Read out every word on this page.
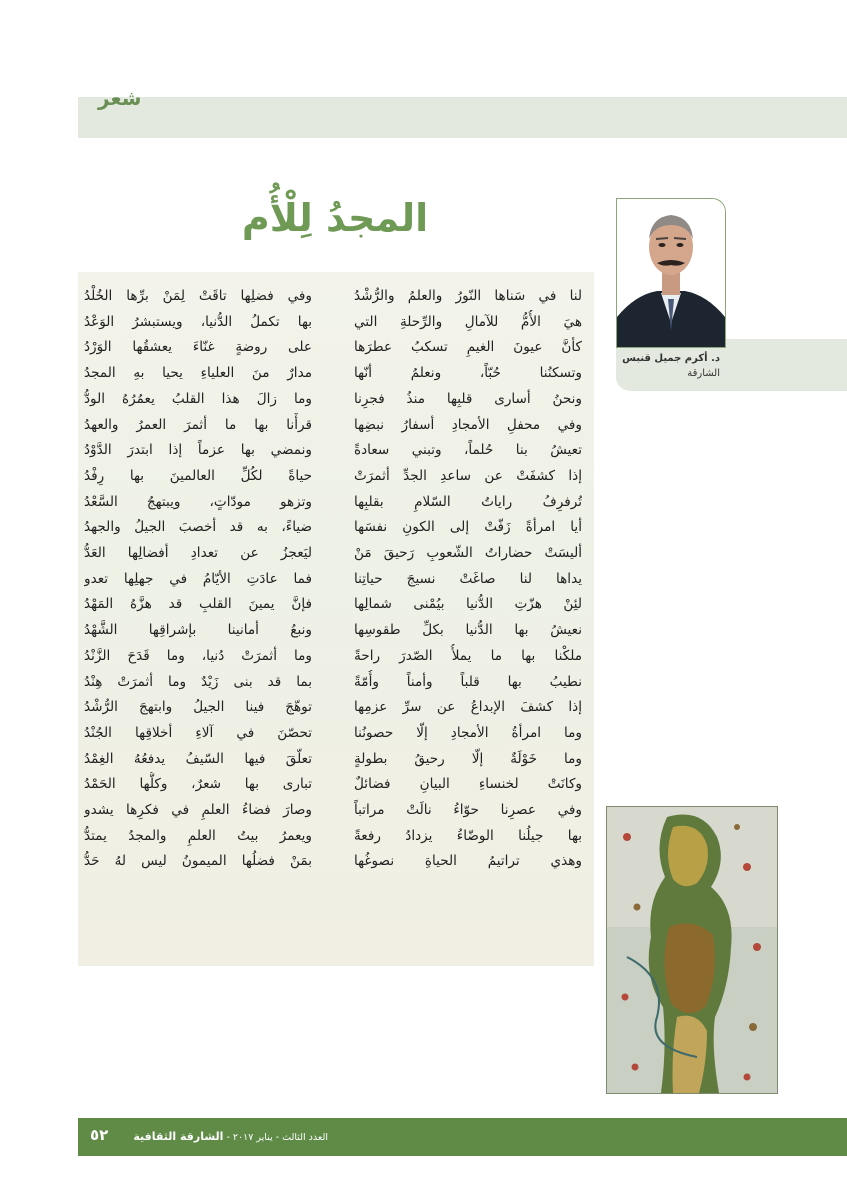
شعر
المجدُ لِلْأُم
د. أكرم جميل قنبس
الشارقة
لنا في سَناها النّورُ والعلمُ والرُّشْدُ
هيَ الأُمُّ للآمالِ والرِّحلةِ التي
كأنَّ عيونَ الغيمِ تسكبُ عطرَها
وتسكنُنا حُبّاً، ونعلمُ أنّها
ونحنُ أسارى قلبِها منذُ فجرِنا
وفي محفلِ الأمجادِ أسفارُ نبضِها
تعيشُ بنا حُلماً، وتبني سعادةً
إذا كشفَتْ عن ساعدِ الجدِّ أثمرَتْ
تُرفرِفُ راياتُ السّلامِ بقلبِها
أيا امرأةً زَفّتْ إلى الكونِ نفسَها
أليسَتْ حضاراتُ الشّعوبِ رَحيقَ مَنْ
يداها لنا صاغَتْ نسيجَ حياتِنا
لئِنْ هزّتِ الدُّنيا بيُمْنى شمالِها
نعيشُ بها الدُّنيا بكلِّ طقوسِها
ملكْنا بها ما يملأُ الصّدرَ راحةً
نطيبُ بها قلباً وأمناً وأُمّةً
إذا كشفَ الإبداعُ عن سرِّ عزمِها
وما امرأةُ الأمجادِ إلّا حصونُنا
وما خَوْلَةٌ إلّا رحيقُ بطولةٍ
وكانَتْ لخنساءِ البيانِ فضائلٌ
وفي عصرِنا حوّاءُ نالَتْ مراتباً
بها جيلُنا الوضّاءُ يزدادُ رفعةً
وهذي تراتيمُ الحياةِ نصوغُها
وفي فضلِها تاقَتْ لِمَنْ برِّها الخُلْدُ
بها تكملُ الدُّنيا، ويستبشرُ الوَعْدُ
على روضةٍ غنّاءَ يعشقُها الوَرْدُ
مدارٌ منَ العلياءِ يحيا بهِ المجدُ
وما زالَ هذا القلبُ يعمُرُهُ الودُّ
قرأْنا بها ما أثمرَ العمرُ والعهدُ
ونمضي بها عزماً إذا ابتدرَ الدَّوْدُ
حياةً لكُلِّ العالمينَ بها رِفْدُ
وتزهو مودّاتٍ، ويبتهجُ السَّعْدُ
ضياءً، به قد أخصبَ الجيلُ والجهدُ
ليَعجزُ عن تعدادِ أفضالِها العَدُّ
فما عادَتِ الأيّامُ في جهلِها تعدو
فإنَّ يمينَ القلبِ قد هزَّهُ المَهْدُ
ونبعُ أمانينا بإشراقِها الشَّهْدُ
وما أثمرَتْ دُنيا، وما قَدَحَ الزَّنْدُ
بما قد بنى زَيْدٌ وما أثمرَتْ هِنْدُ
توهّجَ فينا الجيلُ وابتهجَ الرُّشْدُ
تحصّنَ في آلاءِ أخلاقِها الجُنْدُ
تعلّقَ فيها السّيفُ يدفعُهُ الغِمْدُ
تبارى بها شعرٌ، وكلُّها الحَمْدُ
وصارَ فضاءُ العلمِ في فكرِها يشدو
ويعمرُ بيتُ العلمِ والمجدُ يمتدُّ
بمَنْ فضلُها الميمونُ ليس لهُ حَدُّ
٥٢	العدد الثالث - يناير ٢٠١٧ - الشارقة الثقافية
